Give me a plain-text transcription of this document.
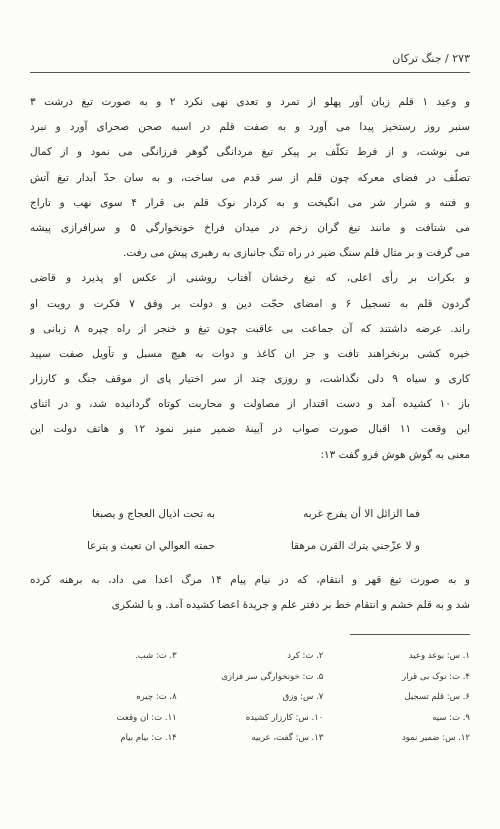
۲۷۳ / جنگ ترکان
و وعید ۱ قلم زبان آور پهلو از تمرد و تعدی نهی نکرد ۲ و به صورت تیغ درشت ۳
سنبر روز رستخیز پیدا می آورد و به صفت قلم در اسبه صحن صحرای آورد و نبرد
می نوشت، و از فرط تکلّف بر پیکر تیغ مردانگی گوهر فرزانگی می نمود و از کمال
تصلّف در فضای معرکه چون قلم از سر قدم می ساخت، و به سان حدّ آبدار تیغ آتش
و فتنه و شرار شر می انگیخت و به کردار نوک قلم بی قرار ۴ سوی نهب و تاراج
می شتافت و مانند تیغ گران زخم در میدان فراخ خونخوارگی ۵ و سرافرازی پیشه
می گرفت و بر مثال قلم سنگ ضبر در راه تنگ جانبازی به رهبری پیش می رفت.
و بکرات بر رأی اعلی، که تیغ رخشان آفتاب روشنی از عکس او پذیرد و قاضی
گردون قلم به تسجیل ۶ و امضای حجّت دین و دولت بر وفق ۷ فکرت و رویت او
راند. عرضه داشتند که آن جماعت بی عاقبت چون تیغ و خنجر از راه چپره ۸ زبانی و
خیره کشی برنخراهند تافت و جز ان کاغذ و دوات به هیچ مسبل و تأویل صفت سپید
کاری و سیاه ۹ دلی نگذاشت، و روزی چند از سر اختیار پای از موقف جنگ و کارزار
باز ۱۰ کشیده آمد و دست اقتدار از مصاولت و محاربت کوتاه گردانیده شد، و در اثنای
این وقعت ۱۱ اقبال صورت صواب در آیینهٔ ضمیر منیر نمود ۱۲ و هاتف دولت این
معنی به گوش هوش فرو گفت ۱۳:
فما الزائل الا أن يفرج غربه
به تحت اذيال العجاج و يصبغا
و لا عزّجني يترك القرن مرهقا
حمته العوالي ان تعيث و يترعا
و به صورت تیغ قهر و انتقام، که در نیام پیام ۱۴ مرگ اعدا می داد، به برهنه کرده
شد و به قلم خشم و انتقام خط بر دفتر علم و جریدهٔ اعضا کشیده آمد. و با لشکری
۱. س: بوعد وعید
۲. ت: کرد
۳. ت: شب.
۴. ت: نوک بی قرار
۵. ت: خونخوارگی سر فرازی
۶. س: قلم تسجیل
۷. س: وزق
۸. ت: چیره
۹. ت: سیه
۱۰. س: کارزار کشیده
۱۱. ت: ان وقعت
۱۲. س: ضمیر نمود
۱۳. س: گفت، عربیه
۱۴. ت: بیام بیام
